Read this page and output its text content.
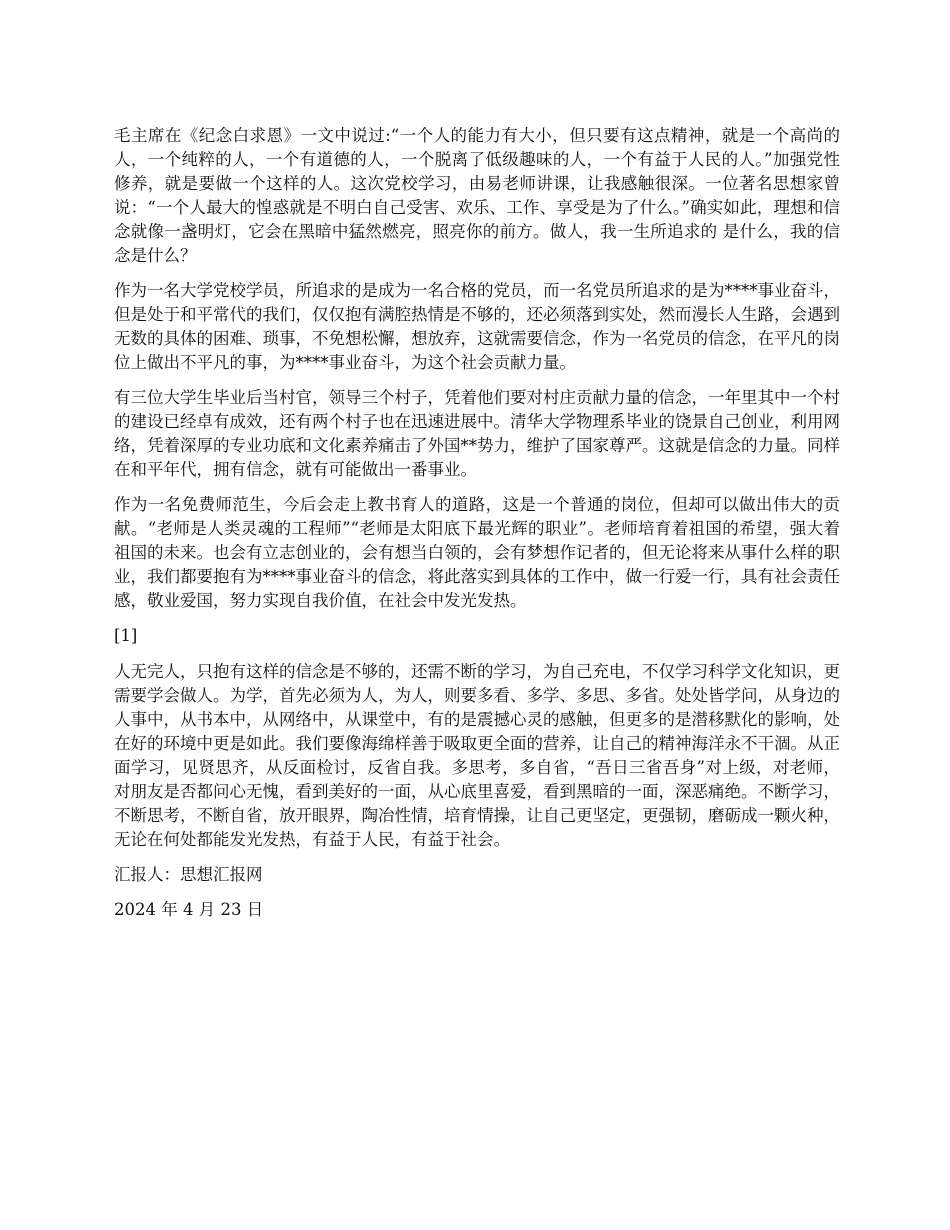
毛主席在《纪念白求恩》一文中说过:“一个人的能力有大小，但只要有这点精神，就是一个高尚的人，一个纯粹的人，一个有道德的人，一个脱离了低级趣味的人，一个有益于人民的人。”加强党性修养，就是要做一个这样的人。这次党校学习，由易老师讲课，让我感触很深。一位著名思想家曾说：“一个人最大的惶惑就是不明白自己受害、欢乐、工作、享受是为了什么。”确实如此，理想和信念就像一盏明灯，它会在黑暗中猛然燃亮，照亮你的前方。做人，我一生所追求的 是什么，我的信念是什么？

作为一名大学党校学员，所追求的是成为一名合格的党员，而一名党员所追求的是为****事业奋斗，但是处于和平常代的我们，仅仅抱有满腔热情是不够的，还必须落到实处，然而漫长人生路，会遇到无数的具体的困难、琐事，不免想松懈，想放弃，这就需要信念，作为一名党员的信念，在平凡的岗位上做出不平凡的事，为****事业奋斗，为这个社会贡献力量。

有三位大学生毕业后当村官，领导三个村子，凭着他们要对村庄贡献力量的信念，一年里其中一个村的建设已经卓有成效，还有两个村子也在迅速进展中。清华大学物理系毕业的饶景自己创业，利用网络，凭着深厚的专业功底和文化素养痛击了外国**势力，维护了国家尊严。这就是信念的力量。同样在和平年代，拥有信念，就有可能做出一番事业。

作为一名免费师范生，今后会走上教书育人的道路，这是一个普通的岗位，但却可以做出伟大的贡献。“老师是人类灵魂的工程师”“老师是太阳底下最光辉的职业”。老师培育着祖国的希望，强大着祖国的未来。也会有立志创业的，会有想当白领的，会有梦想作记者的，但无论将来从事什么样的职业，我们都要抱有为****事业奋斗的信念，将此落实到具体的工作中，做一行爱一行，具有社会责任感，敬业爱国，努力实现自我价值，在社会中发光发热。

[1]

人无完人，只抱有这样的信念是不够的，还需不断的学习，为自己充电，不仅学习科学文化知识，更需要学会做人。为学，首先必须为人，为人，则要多看、多学、多思、多省。处处皆学问，从身边的人事中，从书本中，从网络中，从课堂中，有的是震撼心灵的感触，但更多的是潜移默化的影响，处在好的环境中更是如此。我们要像海绵样善于吸取更全面的营养，让自己的精神海洋永不干涸。从正面学习，见贤思齐，从反面检讨，反省自我。多思考，多自省，“吾日三省吾身”对上级，对老师，对朋友是否都问心无愧，看到美好的一面，从心底里喜爱，看到黑暗的一面，深恶痛绝。不断学习，不断思考，不断自省，放开眼界，陶冶性情，培育情操，让自己更坚定，更强韧，磨砺成一颗火种，无论在何处都能发光发热，有益于人民，有益于社会。

汇报人：思想汇报网

2024 年 4 月 23 日
